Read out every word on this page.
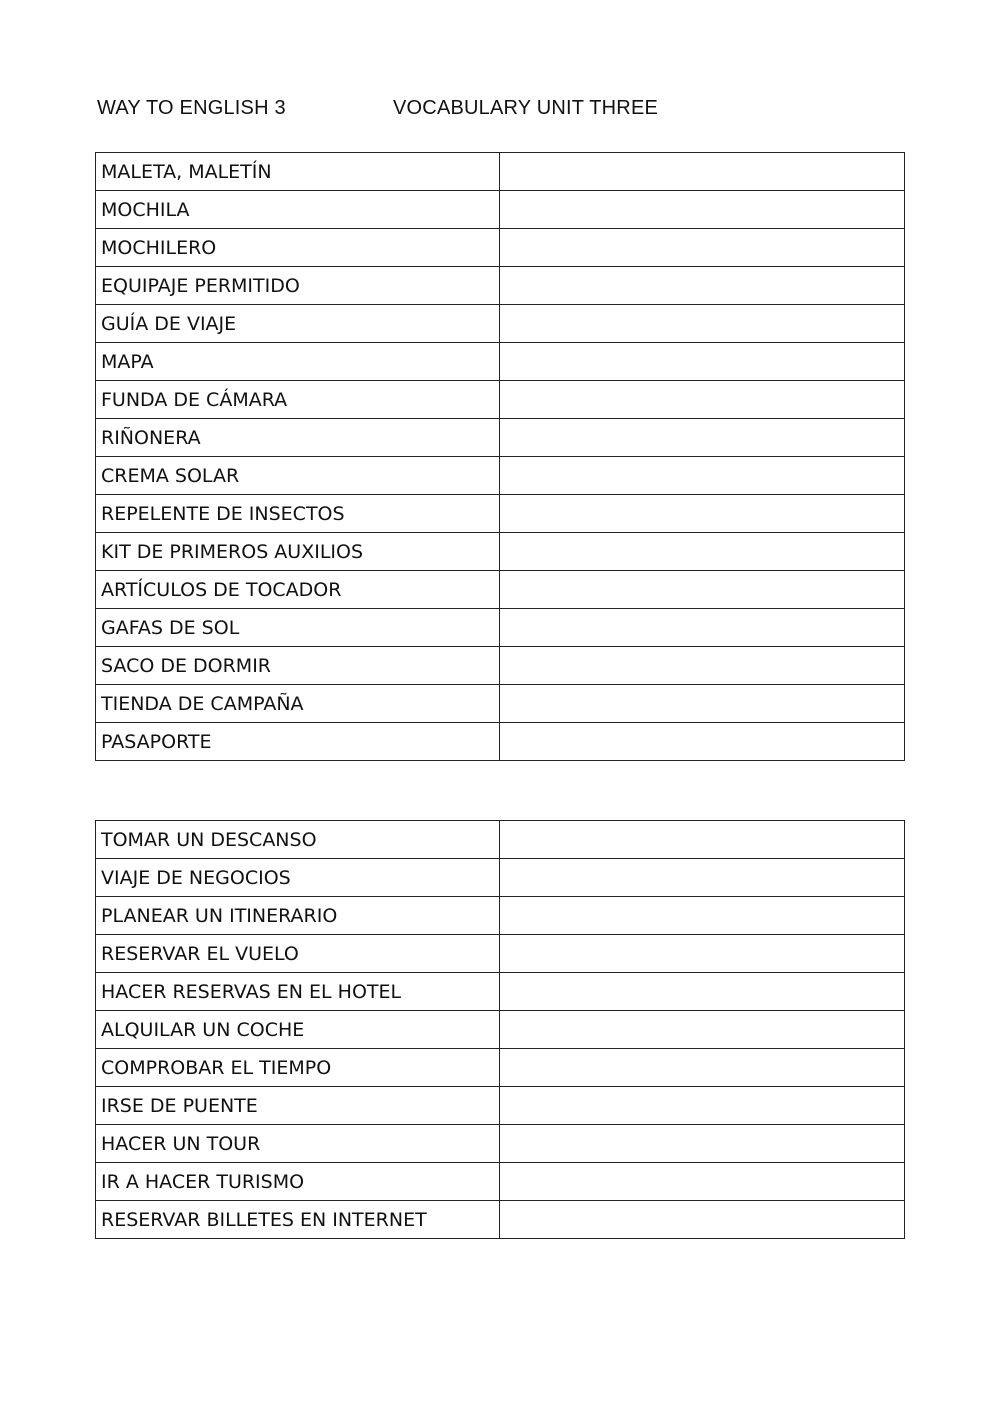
WAY TO ENGLISH 3	VOCABULARY UNIT THREE
MALETA, MALETÍN	
MOCHILA	
MOCHILERO	
EQUIPAJE PERMITIDO	
GUÍA DE VIAJE	
MAPA	
FUNDA DE CÁMARA	
RIÑONERA	
CREMA SOLAR	
REPELENTE DE INSECTOS	
KIT DE PRIMEROS AUXILIOS	
ARTÍCULOS DE TOCADOR	
GAFAS DE SOL	
SACO DE DORMIR	
TIENDA DE CAMPAÑA	
PASAPORTE	
TOMAR UN DESCANSO	
VIAJE DE NEGOCIOS	
PLANEAR UN ITINERARIO	
RESERVAR EL VUELO	
HACER RESERVAS EN EL HOTEL	
ALQUILAR UN COCHE	
COMPROBAR EL TIEMPO	
IRSE DE PUENTE	
HACER UN TOUR	
IR A HACER TURISMO	
RESERVAR BILLETES EN INTERNET	
